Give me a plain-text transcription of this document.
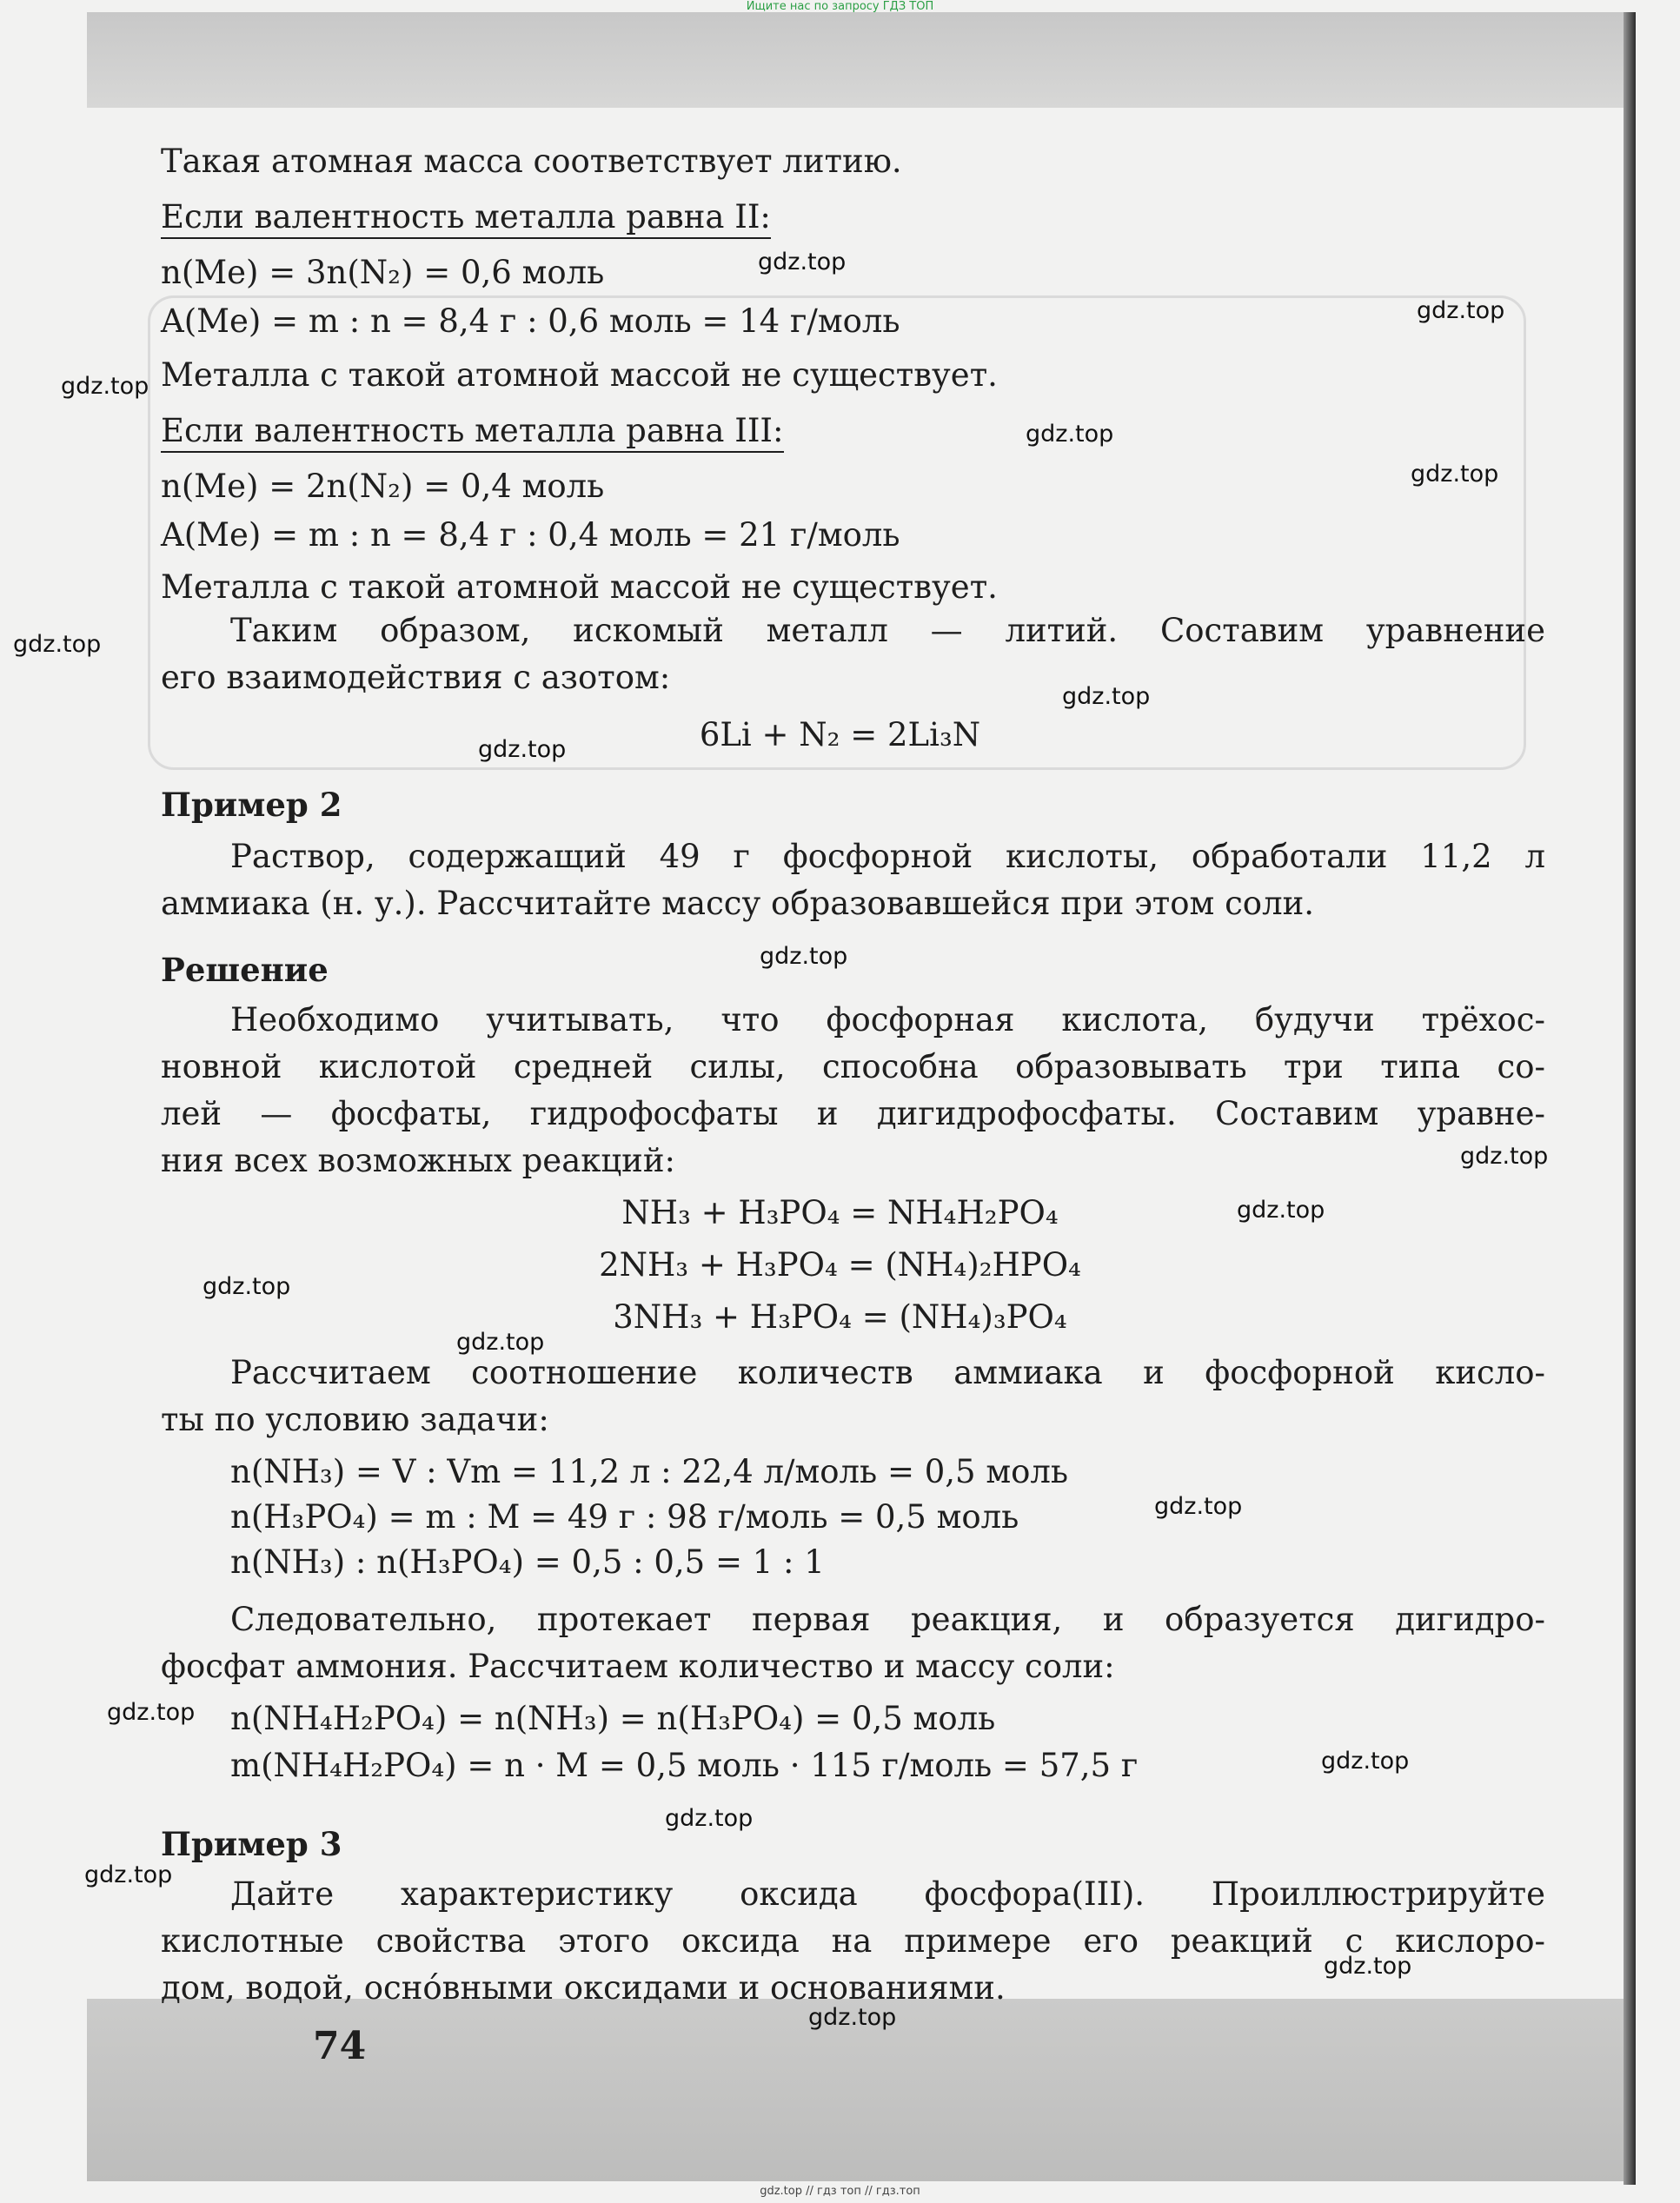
Ищите нас по запросу ГДЗ ТОП
Такая атомная масса соответствует литию.
Если валентность металла равна II:
n(Me) = 3n(N₂) = 0,6 моль
A(Me) = m : n = 8,4 г : 0,6 моль = 14 г/моль
Металла с такой атомной массой не существует.
Если валентность металла равна III:
n(Me) = 2n(N₂) = 0,4 моль
A(Me) = m : n = 8,4 г : 0,4 моль = 21 г/моль
Металла с такой атомной массой не существует.
Таким образом, искомый металл — литий. Составим уравнение
его взаимодействия с азотом:
6Li + N₂ = 2Li₃N
Пример 2
Раствор, содержащий 49 г фосфорной кислоты, обработали 11,2 л
аммиака (н. у.). Рассчитайте массу образовавшейся при этом соли.
Решение
Необходимо учитывать, что фосфорная кислота, будучи трёхос-
новной кислотой средней силы, способна образовывать три типа со-
лей — фосфаты, гидрофосфаты и дигидрофосфаты. Составим уравне-
ния всех возможных реакций:
NH₃ + H₃PO₄ = NH₄H₂PO₄
2NH₃ + H₃PO₄ = (NH₄)₂HPO₄
3NH₃ + H₃PO₄ = (NH₄)₃PO₄
Рассчитаем соотношение количеств аммиака и фосфорной кисло-
ты по условию задачи:
n(NH₃) = V : Vm = 11,2 л : 22,4 л/моль = 0,5 моль
n(H₃PO₄) = m : M = 49 г : 98 г/моль = 0,5 моль
n(NH₃) : n(H₃PO₄) = 0,5 : 0,5 = 1 : 1
Следовательно, протекает первая реакция, и образуется дигидро-
фосфат аммония. Рассчитаем количество и массу соли:
n(NH₄H₂PO₄) = n(NH₃) = n(H₃PO₄) = 0,5 моль
m(NH₄H₂PO₄) = n · M = 0,5 моль · 115 г/моль = 57,5 г
Пример 3
Дайте характеристику оксида фосфора(III). Проиллюстрируйте
кислотные свойства этого оксида на примере его реакций с кислоро-
дом, водой, осно́вными оксидами и основаниями.
74
gdz.top
gdz.top
gdz.top
gdz.top
gdz.top
gdz.top
gdz.top
gdz.top
gdz.top
gdz.top
gdz.top
gdz.top
gdz.top
gdz.top
gdz.top
gdz.top
gdz.top
gdz.top
gdz.top
gdz.top
gdz.top // гдз топ // гдз.топ
